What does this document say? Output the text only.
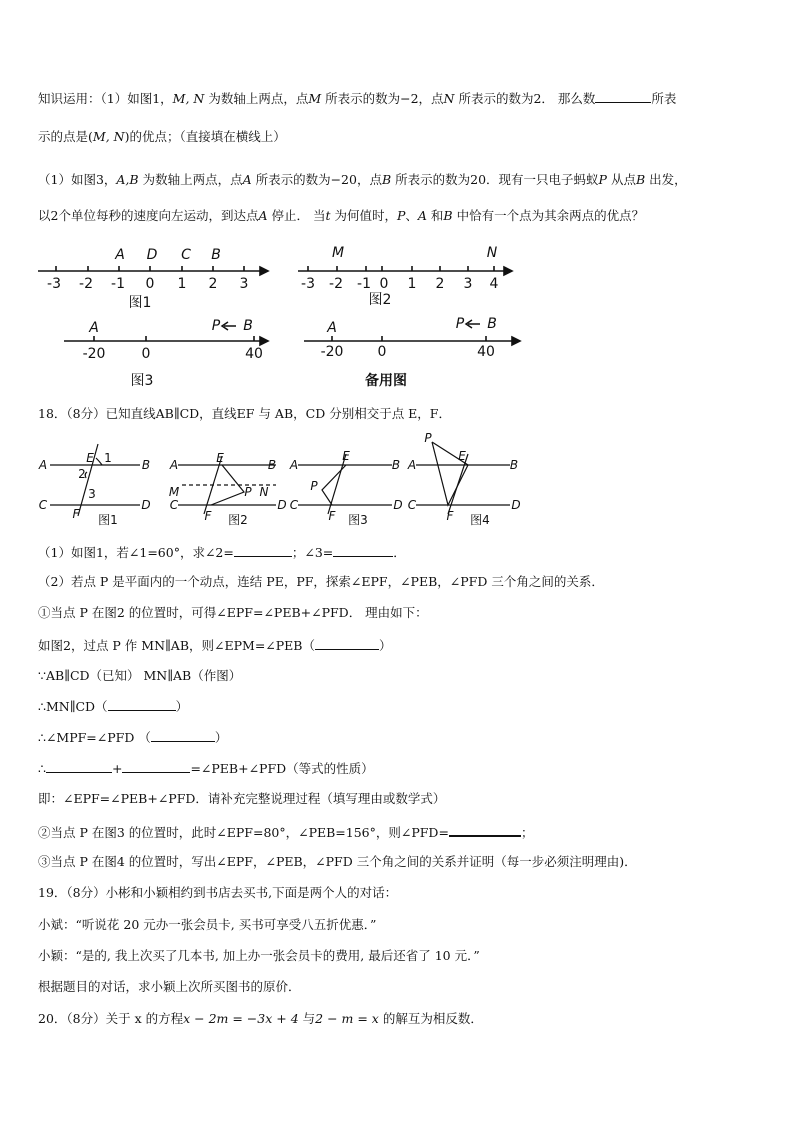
知识运用：（1）如图1，M, N 为数轴上两点，点M 所表示的数为−2，点N 所表示的数为2． 那么数	所表
示的点是(M, N)的优点；（直接填在横线上）
（1）如图3，A,B 为数轴上两点，点A 所表示的数为−20，点B 所表示的数为20．现有一只电子蚂蚁P 从点B 出发，
以2个单位每秒的速度向左运动，到达点A 停止． 当t 为何值时，P、A 和B 中恰有一个点为其余两点的优点？
A D C B
-3 -2 -1 0 1 2 3
图1
M	N
-3 -2 -1 0 1 2 3 4
图2
A	P B
-20	0	40
图3
A	P B
-20 0	40
备用图
18．（8分）已知直线AB∥CD，直线EF 与 AB，CD 分别相交于点 E，F．
A	B
C	D
E
F
1
2
3
图1
A	B
C	D
E
F
M	N
P
图2
A	B
C	D
E
F
P
图3
A	B
C	D
E
F
P
图4
（1）如图1，若∠1=60°，求∠2=	；∠3=	．
（2）若点 P 是平面内的一个动点，连结 PE，PF，探索∠EPF，∠PEB，∠PFD 三个角之间的关系．
①当点 P 在图2 的位置时，可得∠EPF=∠PEB+∠PFD． 理由如下：
如图2，过点 P 作 MN∥AB，则∠EPM=∠PEB（	）
∵AB∥CD（已知） MN∥AB（作图）
∴MN∥CD（	）
∴∠MPF=∠PFD （	）
∴	+	=∠PEB+∠PFD（等式的性质）
即：∠EPF=∠PEB+∠PFD．请补充完整说理过程（填写理由或数学式）
②当点 P 在图3 的位置时，此时∠EPF=80°，∠PEB=156°，则∠PFD=	；
③当点 P 在图4 的位置时，写出∠EPF，∠PEB，∠PFD 三个角之间的关系并证明（每一步必须注明理由)．
19．（8分）小彬和小颖相约到书店去买书,下面是两个人的对话：
小斌：“听说花 20 元办一张会员卡, 买书可享受八五折优惠．”
小颖：“是的, 我上次买了几本书, 加上办一张会员卡的费用, 最后还省了 10 元．”
根据题目的对话，求小颖上次所买图书的原价．
20．（8分）关于 x 的方程x − 2m = −3x + 4 与2 − m = x 的解互为相反数．
